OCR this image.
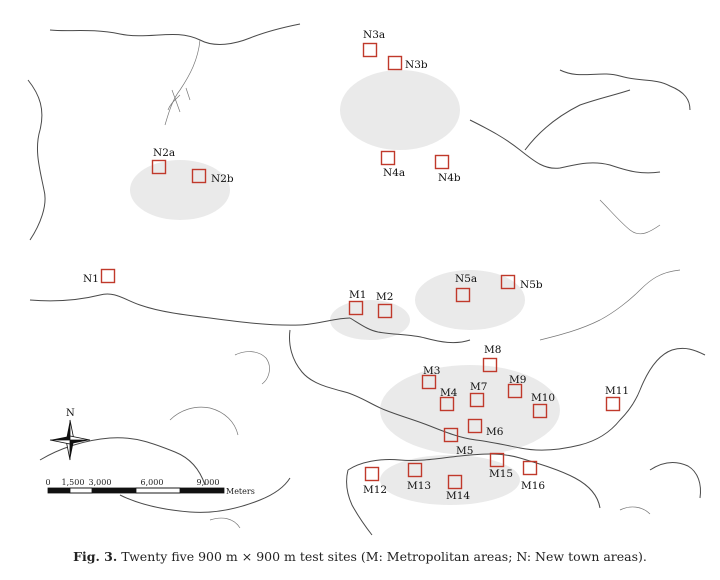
N3a
N3b
N2a
N2b	N4a	N4b
N1	N5a	N5b
M1 M2
M8
M3
M4 M7
M9
M10
M11
M6
M5
M15
M16
M12 M13
M14
N
0 1,500 3,000	6,000	9,000
Meters
Fig. 3. Twenty five 900 m × 900 m test sites (M: Metropolitan areas; N: New town areas).
